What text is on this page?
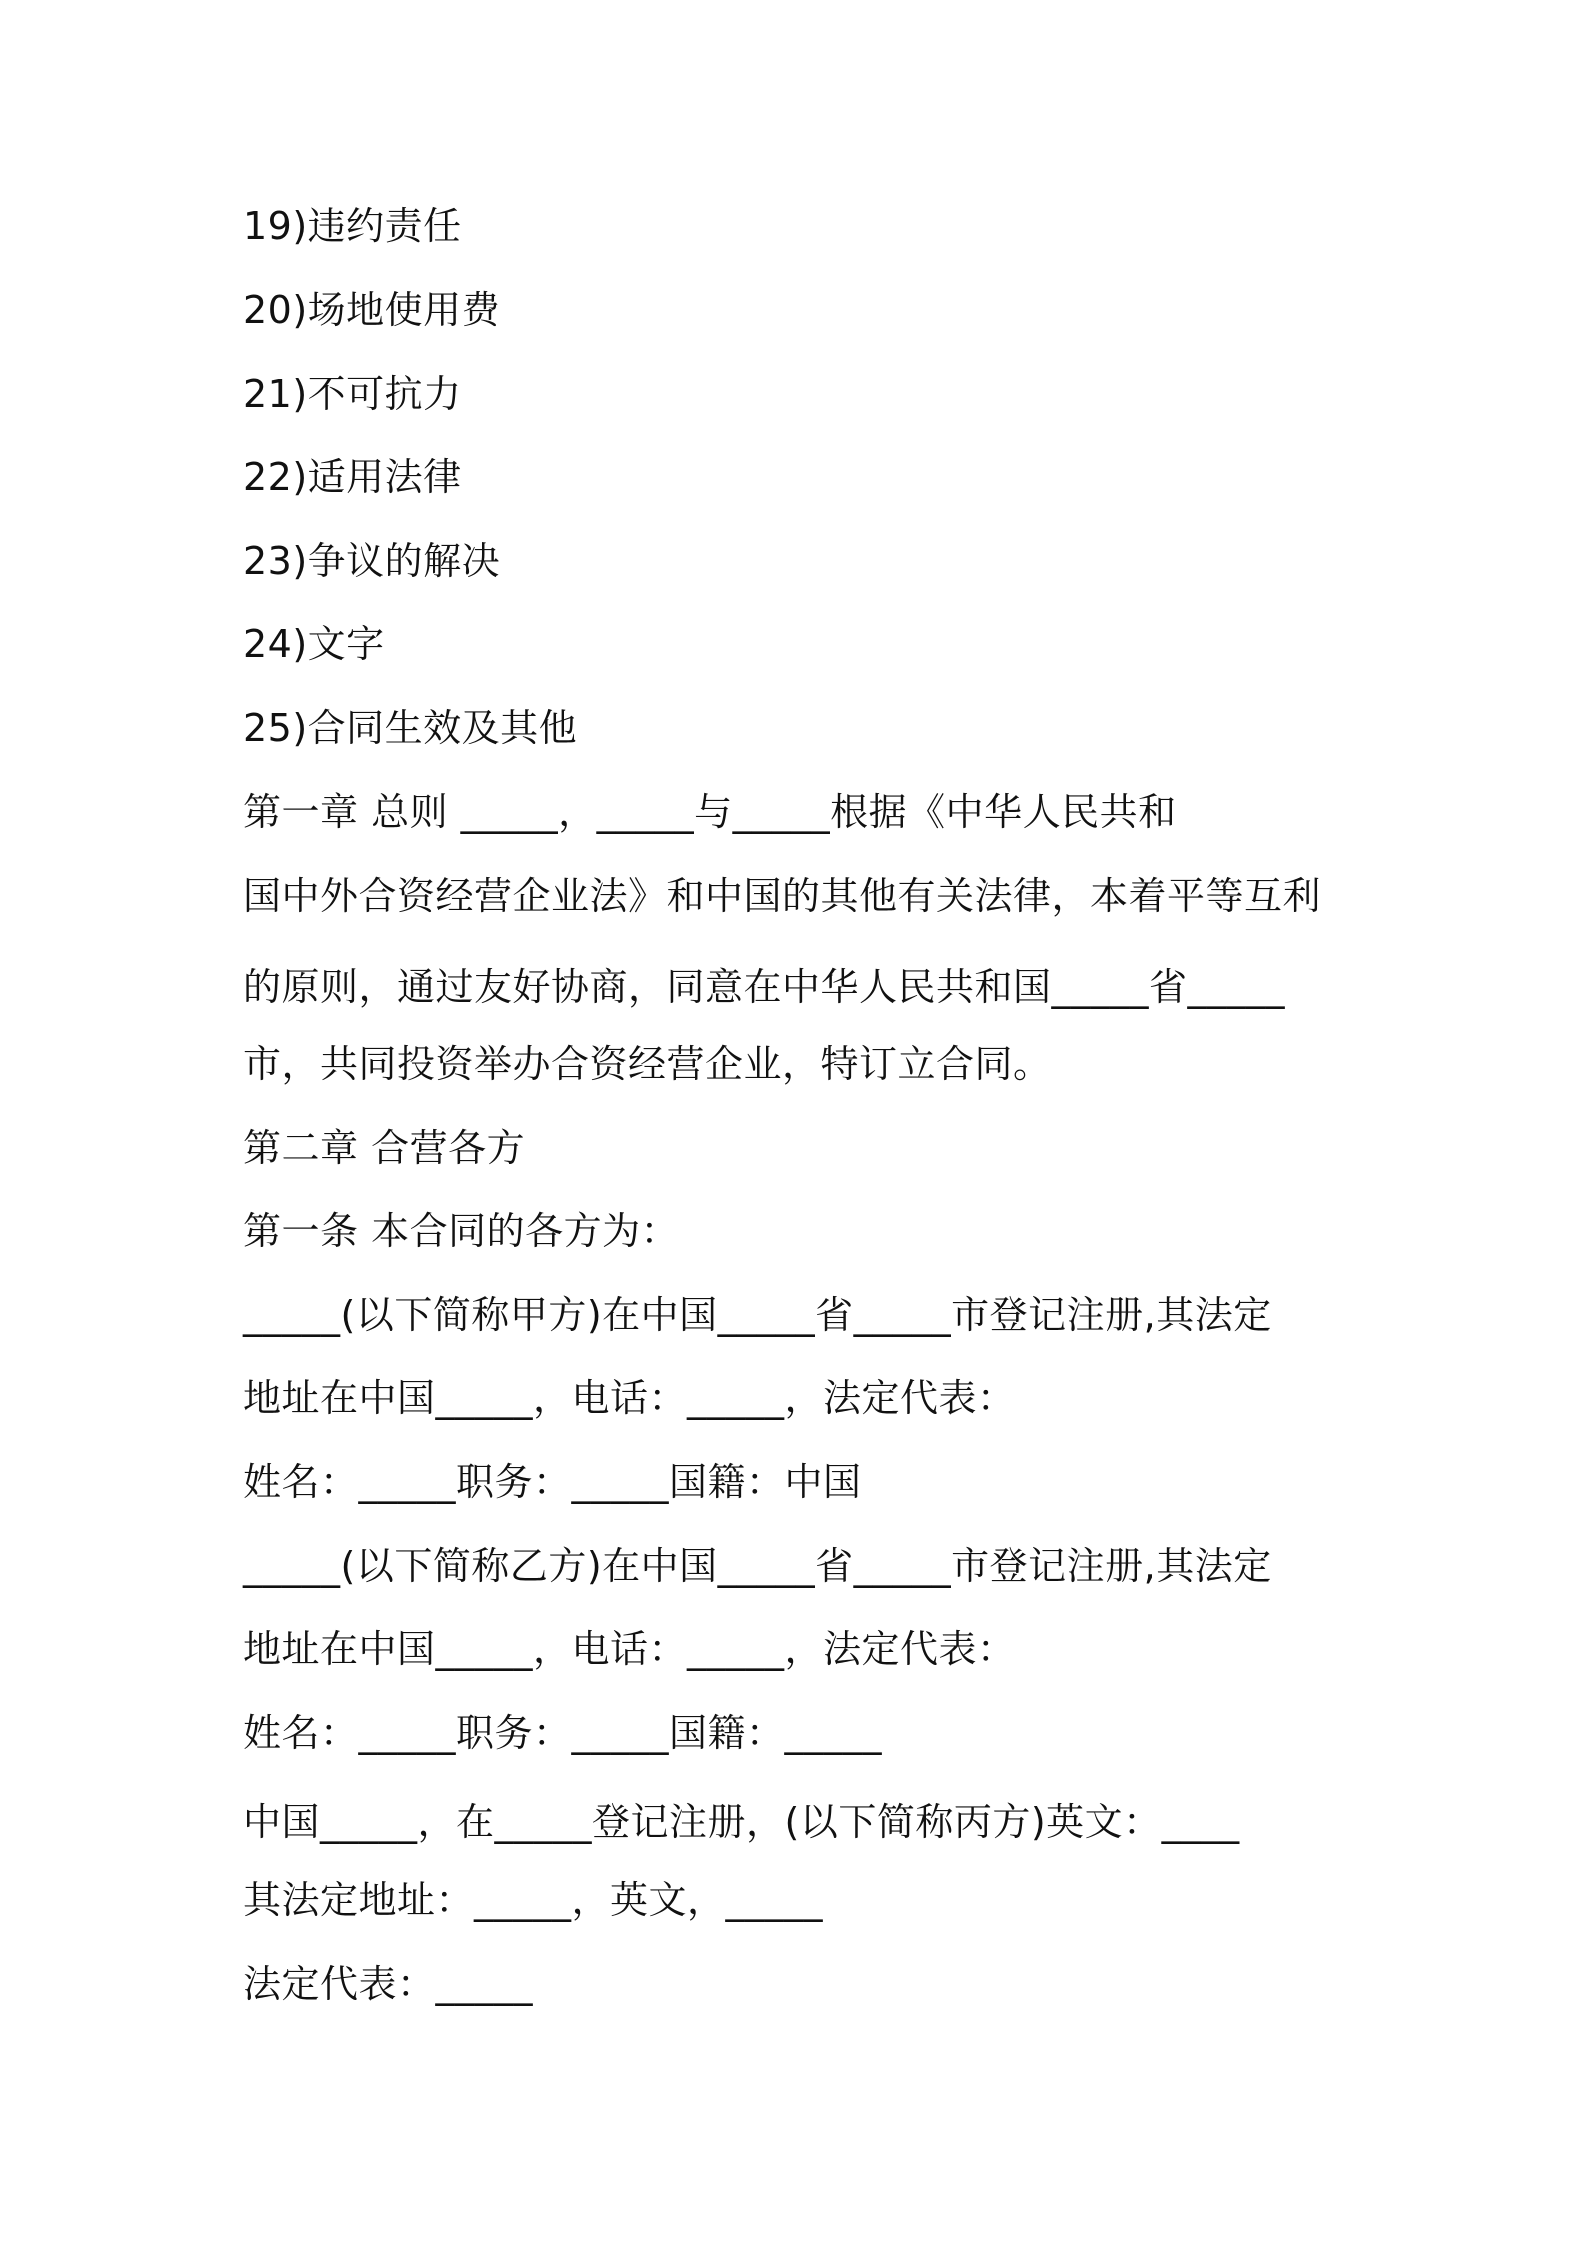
19)违约责任

20)场地使用费

21)不可抗力

22)适用法律

23)争议的解决

24)文字

25)合同生效及其他

第一章 总则 _____，_____与_____根据《中华人民共和

国中外合资经营企业法》和中国的其他有关法律，本着平等互利

的原则，通过友好协商，同意在中华人民共和国_____省_____

市，共同投资举办合资经营企业，特订立合同。

第二章 合营各方

第一条 本合同的各方为：

_____(以下简称甲方)在中国_____省_____市登记注册,其法定

地址在中国_____，电话：_____，法定代表：

姓名：_____职务：_____国籍：中国

_____(以下简称乙方)在中国_____省_____市登记注册,其法定

地址在中国_____，电话：_____，法定代表：

姓名：_____职务：_____国籍：_____

中国_____，在_____登记注册，(以下简称丙方)英文：____

其法定地址：_____，英文，_____

法定代表：_____
